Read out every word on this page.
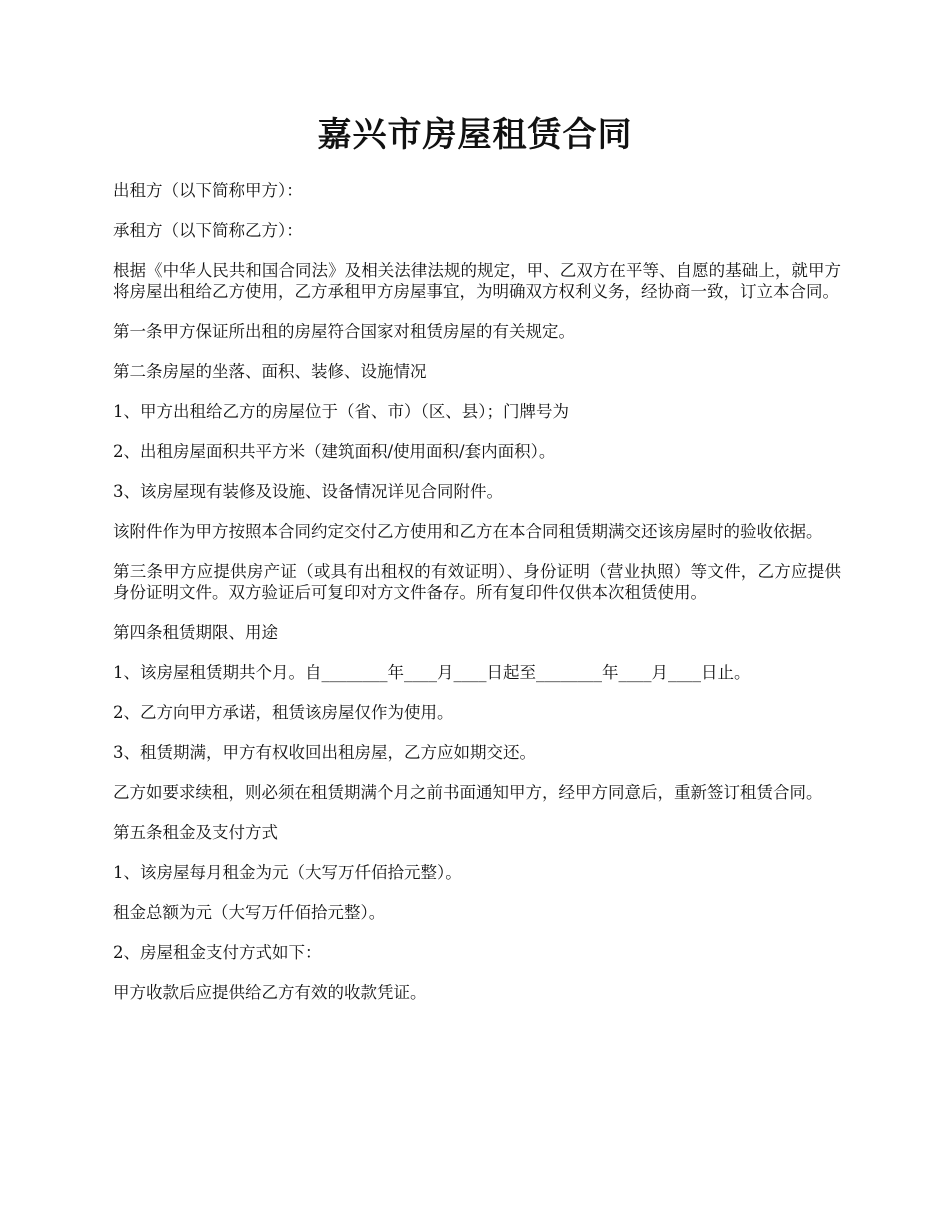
嘉兴市房屋租赁合同

出租方（以下简称甲方）：

承租方（以下简称乙方）：

根据《中华人民共和国合同法》及相关法律法规的规定，甲、乙双方在平等、自愿的基础上，就甲方将房屋出租给乙方使用，乙方承租甲方房屋事宜，为明确双方权利义务，经协商一致，订立本合同。

第一条甲方保证所出租的房屋符合国家对租赁房屋的有关规定。

第二条房屋的坐落、面积、装修、设施情况

1、甲方出租给乙方的房屋位于（省、市）（区、县）；门牌号为

2、出租房屋面积共平方米（建筑面积/使用面积/套内面积）。

3、该房屋现有装修及设施、设备情况详见合同附件。

该附件作为甲方按照本合同约定交付乙方使用和乙方在本合同租赁期满交还该房屋时的验收依据。

第三条甲方应提供房产证（或具有出租权的有效证明）、身份证明（营业执照）等文件，乙方应提供身份证明文件。双方验证后可复印对方文件备存。所有复印件仅供本次租赁使用。

第四条租赁期限、用途

1、该房屋租赁期共个月。自________年____月____日起至________年____月____日止。

2、乙方向甲方承诺，租赁该房屋仅作为使用。

3、租赁期满，甲方有权收回出租房屋，乙方应如期交还。

乙方如要求续租，则必须在租赁期满个月之前书面通知甲方，经甲方同意后，重新签订租赁合同。

第五条租金及支付方式

1、该房屋每月租金为元（大写万仟佰拾元整）。

租金总额为元（大写万仟佰拾元整）。

2、房屋租金支付方式如下：

甲方收款后应提供给乙方有效的收款凭证。
